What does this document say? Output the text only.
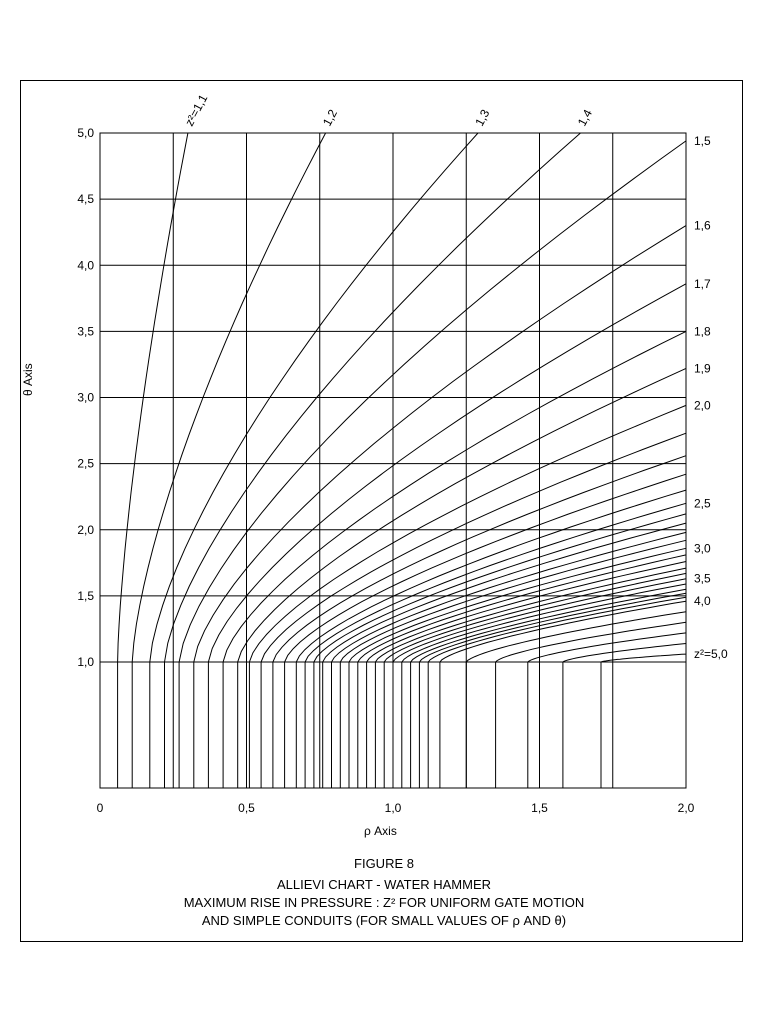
z²=1,1	1,2	1,3	1,4
1,5
1,6
1,7
1,8
1,9
2,0
2,5
3,0
3,5
4,0
z²=5,0
0	0,5	1,0	1,5	2,0
1,0
1,5
2,0
2,5
3,0
3,5
4,0
4,5
5,0
ρ Axis
θ Axis
FIGURE 8
ALLIEVI CHART - WATER HAMMER
MAXIMUM RISE IN PRESSURE : Z² FOR UNIFORM GATE MOTION
AND SIMPLE CONDUITS (FOR SMALL VALUES OF ρ AND θ)
